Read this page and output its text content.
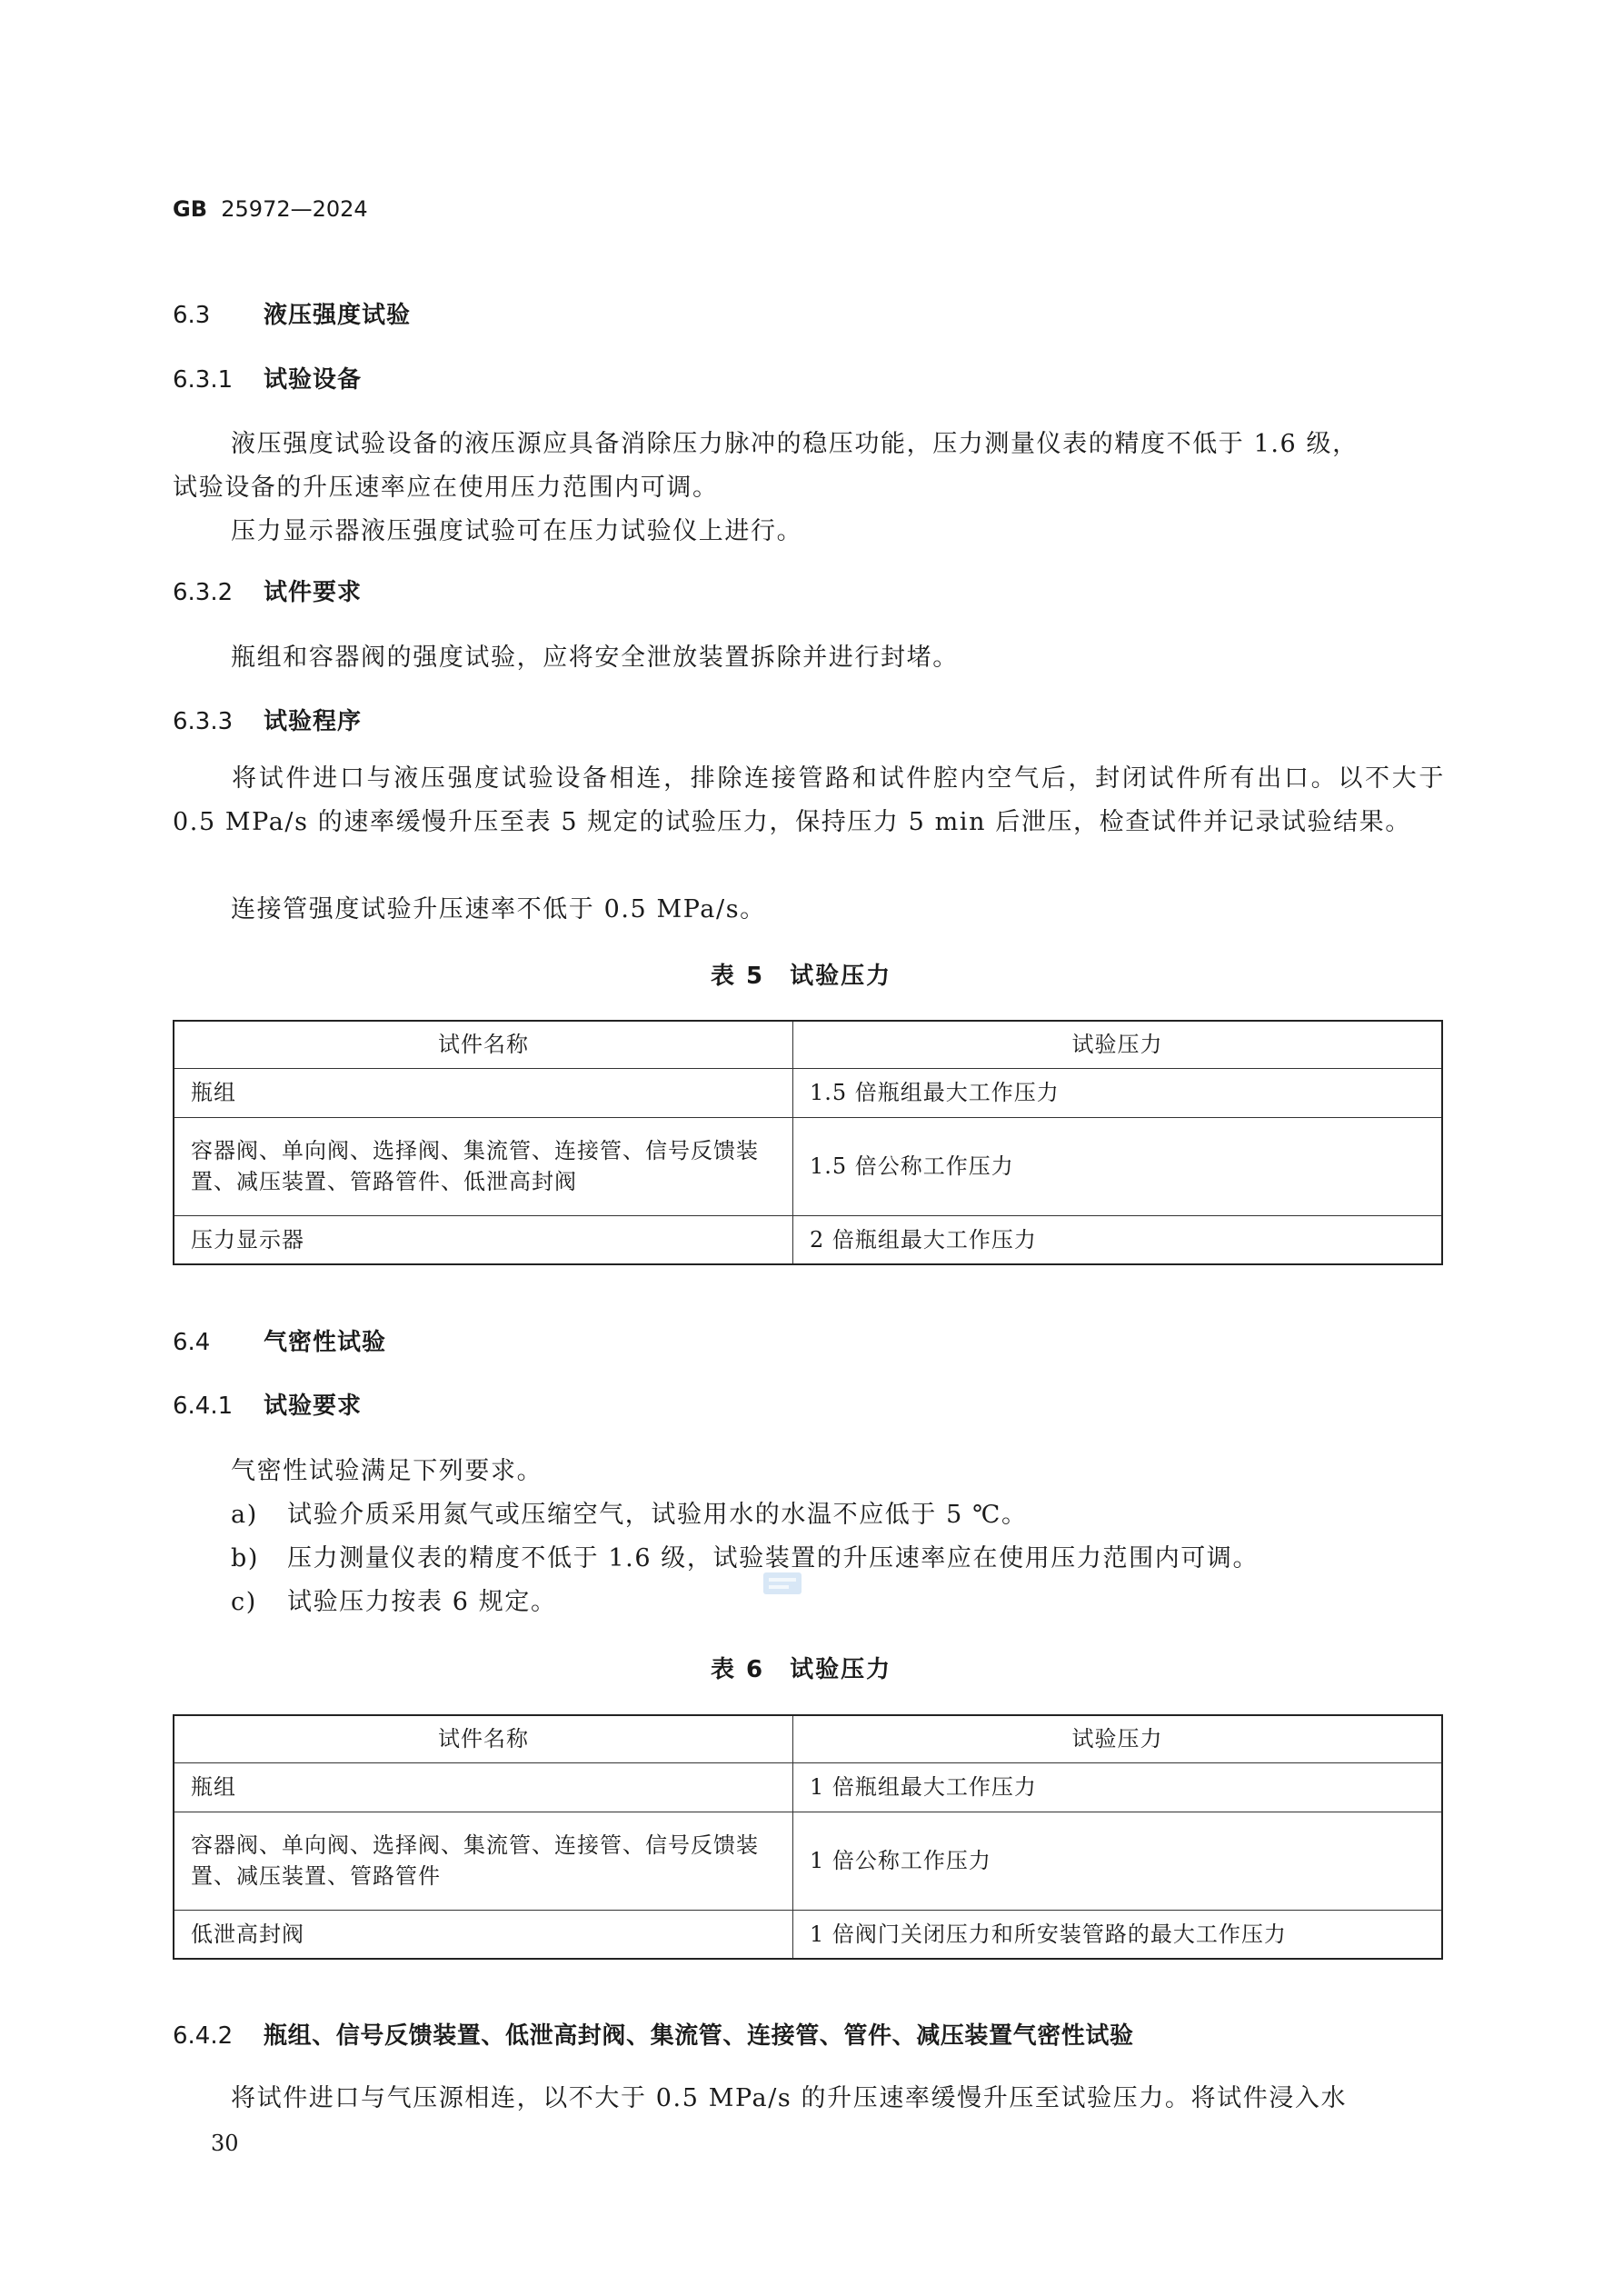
GB 25972—2024
6.3 液压强度试验
6.3.1 试验设备
液压强度试验设备的液压源应具备消除压力脉冲的稳压功能，压力测量仪表的精度不低于 1.6 级，
试验设备的升压速率应在使用压力范围内可调。
压力显示器液压强度试验可在压力试验仪上进行。
6.3.2 试件要求
瓶组和容器阀的强度试验，应将安全泄放装置拆除并进行封堵。
6.3.3 试验程序
将试件进口与液压强度试验设备相连，排除连接管路和试件腔内空气后，封闭试件所有出口。以不大于 0.5 MPa/s 的速率缓慢升压至表 5 规定的试验压力，保持压力 5 min 后泄压，检查试件并记录试验结果。
连接管强度试验升压速率不低于 0.5 MPa/s。
表 5　试验压力
试件名称	试验压力
瓶组	1.5 倍瓶组最大工作压力
容器阀、单向阀、选择阀、集流管、连接管、信号反馈装置、减压装置、管路管件、低泄高封阀	1.5 倍公称工作压力
压力显示器	2 倍瓶组最大工作压力
6.4 气密性试验
6.4.1 试验要求
气密性试验满足下列要求。
a) 试验介质采用氮气或压缩空气，试验用水的水温不应低于 5 ℃。
b) 压力测量仪表的精度不低于 1.6 级，试验装置的升压速率应在使用压力范围内可调。
c) 试验压力按表 6 规定。
表 6　试验压力
试件名称	试验压力
瓶组	1 倍瓶组最大工作压力
容器阀、单向阀、选择阀、集流管、连接管、信号反馈装置、减压装置、管路管件	1 倍公称工作压力
低泄高封阀	1 倍阀门关闭压力和所安装管路的最大工作压力
6.4.2 瓶组、信号反馈装置、低泄高封阀、集流管、连接管、管件、减压装置气密性试验
将试件进口与气压源相连，以不大于 0.5 MPa/s 的升压速率缓慢升压至试验压力。将试件浸入水
30
